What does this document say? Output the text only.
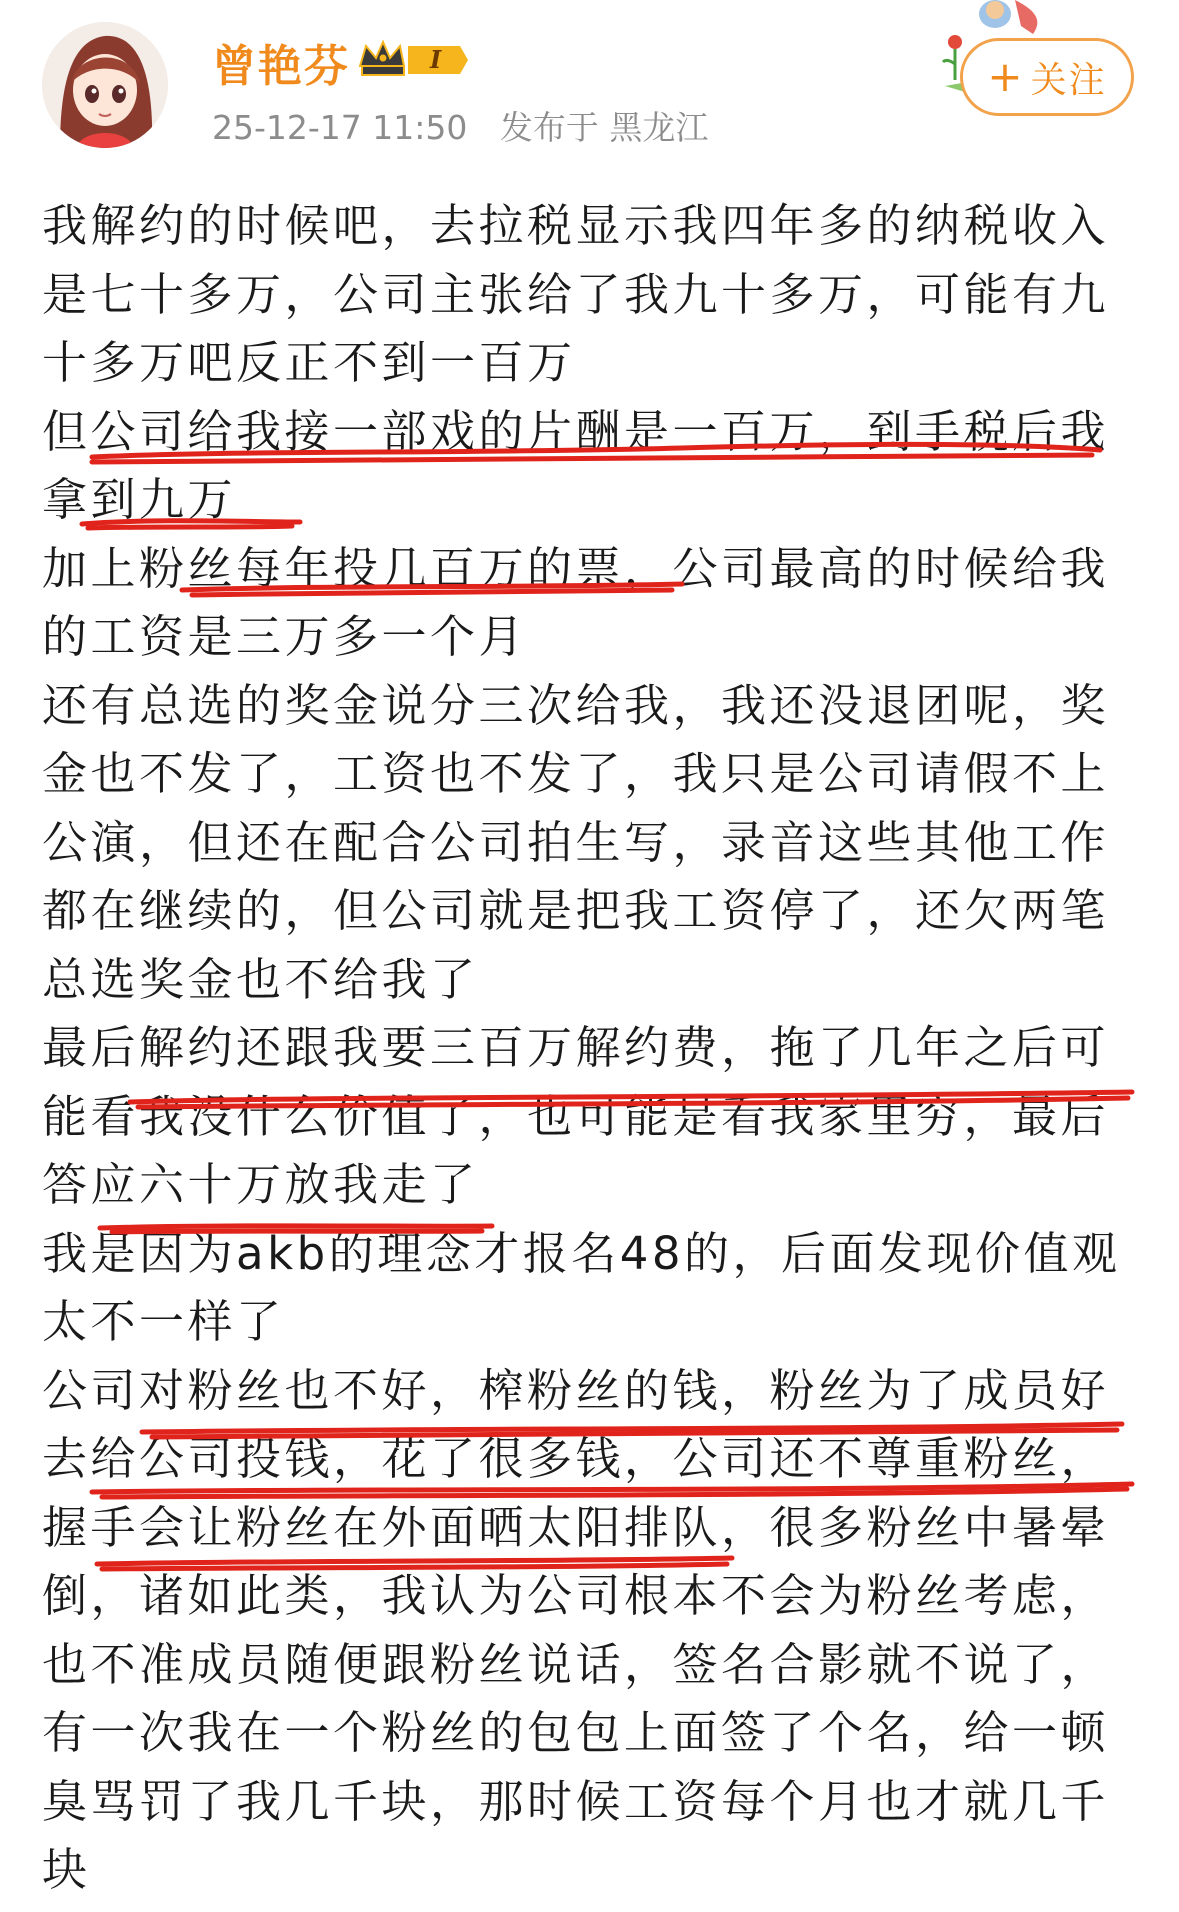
曾艳芬	I
25-12-17 11:50 发布于 黑龙江
+ 关注
我解约的时候吧，去拉税显示我四年多的纳税收入
是七十多万，公司主张给了我九十多万，可能有九
十多万吧反正不到一百万
但公司给我接一部戏的片酬是一百万，到手税后我
拿到九万
加上粉丝每年投几百万的票，公司最高的时候给我
的工资是三万多一个月
还有总选的奖金说分三次给我，我还没退团呢，奖
金也不发了，工资也不发了，我只是公司请假不上
公演，但还在配合公司拍生写，录音这些其他工作
都在继续的，但公司就是把我工资停了，还欠两笔
总选奖金也不给我了
最后解约还跟我要三百万解约费，拖了几年之后可
能看我没什么价值了，也可能是看我家里穷，最后
答应六十万放我走了
我是因为akb的理念才报名48的，后面发现价值观
太不一样了
公司对粉丝也不好，榨粉丝的钱，粉丝为了成员好
去给公司投钱，花了很多钱，公司还不尊重粉丝，
握手会让粉丝在外面晒太阳排队，很多粉丝中暑晕
倒，诸如此类，我认为公司根本不会为粉丝考虑，
也不准成员随便跟粉丝说话，签名合影就不说了，
有一次我在一个粉丝的包包上面签了个名，给一顿
臭骂罚了我几千块，那时候工资每个月也才就几千
块
